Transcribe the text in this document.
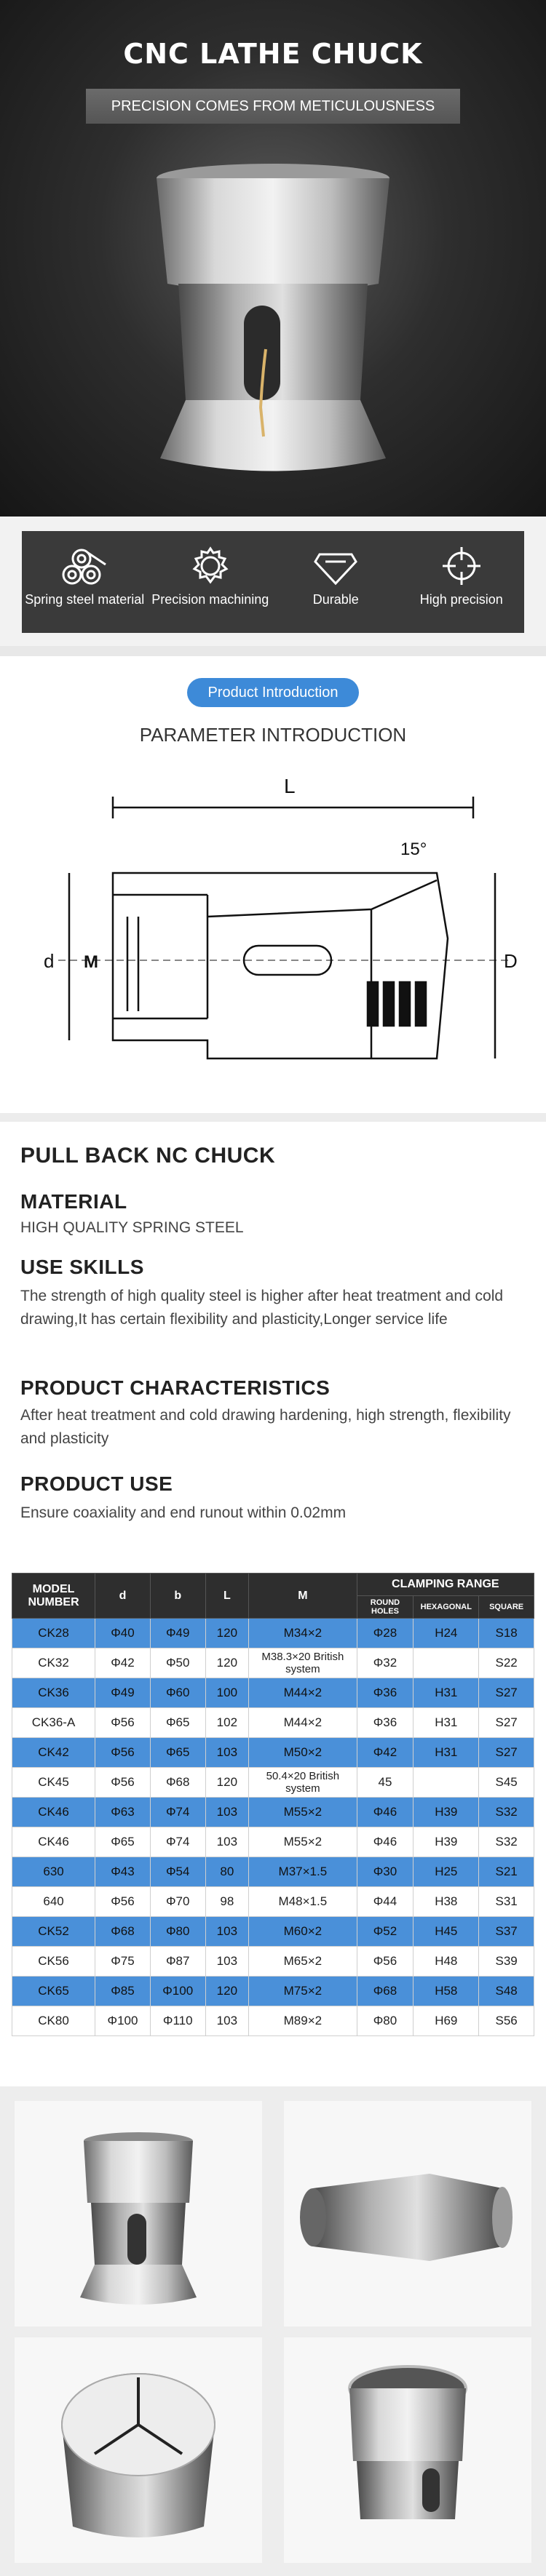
CNC LATHE CHUCK
PRECISION COMES FROM METICULOUSNESS
Spring steel material Precision machining	Durable	High precision
Product Introduction
PARAMETER INTRODUCTION
L
15°
d M	D
PULL BACK NC CHUCK
MATERIAL
HIGH QUALITY SPRING STEEL
USE SKILLS
The strength of high quality steel is higher after heat treatment and cold drawing,It has certain flexibility and plasticity,Longer service life
PRODUCT CHARACTERISTICS
After heat treatment and cold drawing hardening, high strength, flexibility and plasticity
PRODUCT USE
Ensure coaxiality and end runout within 0.02mm
MODEL NUMBER	d	b	L	M	CLAMPING RANGE		
					ROUND HOLES	HEXAGONAL	SQUARE
CK28	Φ40	Φ49	120	M34×2	Φ28	H24	S18
CK32	Φ42	Φ50	120	M38.3×20 British system	Φ32		S22
CK36	Φ49	Φ60	100	M44×2	Φ36	H31	S27
CK36-A	Φ56	Φ65	102	M44×2	Φ36	H31	S27
CK42	Φ56	Φ65	103	M50×2	Φ42	H31	S27
CK45	Φ56	Φ68	120	50.4×20 British system	45		S45
CK46	Φ63	Φ74	103	M55×2	Φ46	H39	S32
CK46	Φ65	Φ74	103	M55×2	Φ46	H39	S32
630	Φ43	Φ54	80	M37×1.5	Φ30	H25	S21
640	Φ56	Φ70	98	M48×1.5	Φ44	H38	S31
CK52	Φ68	Φ80	103	M60×2	Φ52	H45	S37
CK56	Φ75	Φ87	103	M65×2	Φ56	H48	S39
CK65	Φ85	Φ100	120	M75×2	Φ68	H58	S48
CK80	Φ100	Φ110	103	M89×2	Φ80	H69	S56
